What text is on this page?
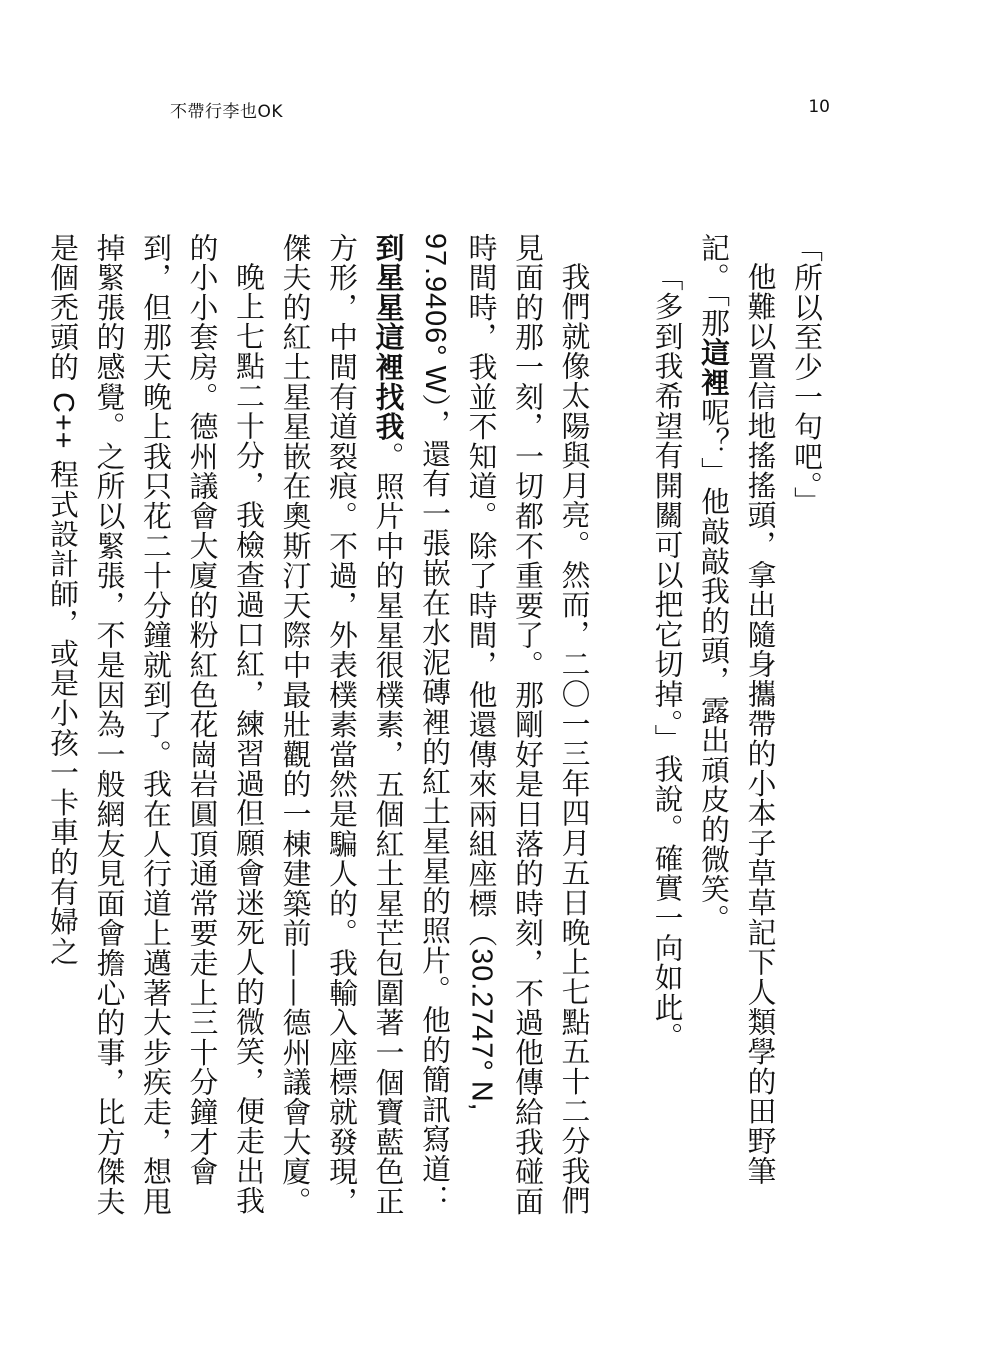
不帶行李也OK	10

「所以至少一句吧。」

他難以置信地搖搖頭，拿出隨身攜帶的小本子草草記下人類學的田野筆記。「那這裡呢？」他敲敲我的頭，露出頑皮的微笑。

「多到我希望有開關可以把它切掉。」我說。確實一向如此。

我們就像太陽與月亮。然而，二〇一三年四月五日晚上七點五十二分我們見面的那一刻，一切都不重要了。那剛好是日落的時刻，不過他傳給我碰面時間時，我並不知道。除了時間，他還傳來兩組座標（30.2747° N, 97.9406° W），還有一張嵌在水泥磚裡的紅土星星的照片。他的簡訊寫道：到星星這裡找我。照片中的星星很樸素，五個紅土星芒包圍著一個寶藍色正方形，中間有道裂痕。不過，外表樸素當然是騙人的。我輸入座標就發現，傑夫的紅土星星嵌在奧斯汀天際中最壯觀的一棟建築前——德州議會大廈。

晚上七點二十分，我檢查過口紅，練習過但願會迷死人的微笑，便走出我的小小套房。德州議會大廈的粉紅色花崗岩圓頂通常要走上三十分鐘才會到，但那天晚上我只花二十分鐘就到了。我在人行道上邁著大步疾走，想甩掉緊張的感覺。之所以緊張，不是因為一般網友見面會擔心的事，比方傑夫是個禿頭的 C++ 程式設計師，或是小孩一卡車的有婦之
